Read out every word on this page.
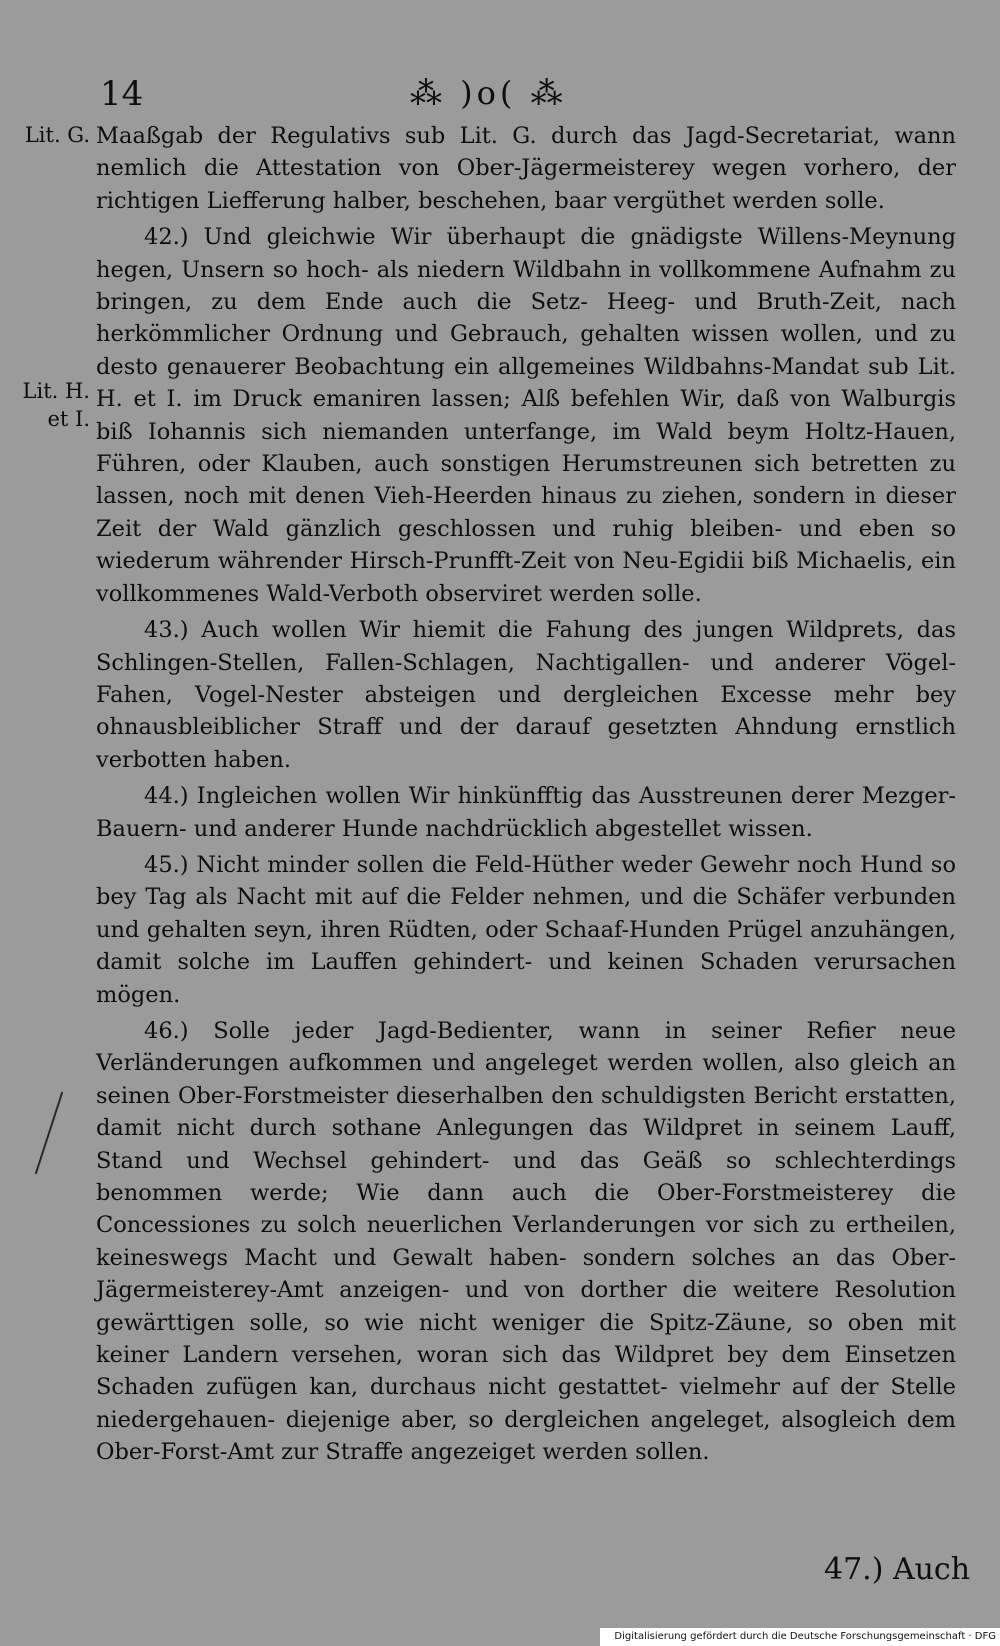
14	⁂ )o( ⁂
Lit. G.
Lit. H.
et I.

Maaßgab der Regulativs sub Lit. G. durch das Jagd-Secretariat, wann nemlich die Attestation von Ober-Jägermeisterey wegen vorhero, der richtigen Liefferung halber, beschehen, baar vergüthet werden solle.

42.) Und gleichwie Wir überhaupt die gnädigste Willens-Meynung hegen, Unsern so hoch- als niedern Wildbahn in vollkommene Aufnahm zu bringen, zu dem Ende auch die Setz- Heeg- und Bruth-Zeit, nach herkömmlicher Ordnung und Gebrauch, gehalten wissen wollen, und zu desto genauerer Beobachtung ein allgemeines Wildbahns-Mandat sub Lit. H. et I. im Druck emaniren lassen; Alß befehlen Wir, daß von Walburgis biß Iohannis sich niemanden unterfange, im Wald beym Holtz-Hauen, Führen, oder Klauben, auch sonstigen Herumstreunen sich betretten zu lassen, noch mit denen Vieh-Heerden hinaus zu ziehen, sondern in dieser Zeit der Wald gänzlich geschlossen und ruhig bleiben- und eben so wiederum währender Hirsch-Prunfft-Zeit von Neu-Egidii biß Michaelis, ein vollkommenes Wald-Verboth observiret werden solle.

43.) Auch wollen Wir hiemit die Fahung des jungen Wildprets, das Schlingen-Stellen, Fallen-Schlagen, Nachtigallen- und anderer Vögel-Fahen, Vogel-Nester absteigen und dergleichen Excesse mehr bey ohnausbleiblicher Straff und der darauf gesetzten Ahndung ernstlich verbotten haben.

44.) Ingleichen wollen Wir hinkünfftig das Ausstreunen derer Mezger- Bauern- und anderer Hunde nachdrücklich abgestellet wissen.

45.) Nicht minder sollen die Feld-Hüther weder Gewehr noch Hund so bey Tag als Nacht mit auf die Felder nehmen, und die Schäfer verbunden und gehalten seyn, ihren Rüdten, oder Schaaf-Hunden Prügel anzuhängen, damit solche im Lauffen gehindert- und keinen Schaden verursachen mögen.

46.) Solle jeder Jagd-Bedienter, wann in seiner Refier neue Verländerungen aufkommen und angeleget werden wollen, also gleich an seinen Ober-Forstmeister dieserhalben den schuldigsten Bericht erstatten, damit nicht durch sothane Anlegungen das Wildpret in seinem Lauff, Stand und Wechsel gehindert- und das Geäß so schlechterdings benommen werde; Wie dann auch die Ober-Forstmeisterey die Concessiones zu solch neuerlichen Verlanderungen vor sich zu ertheilen, keineswegs Macht und Gewalt haben- sondern solches an das Ober-Jägermeisterey-Amt anzeigen- und von dorther die weitere Resolution gewärttigen solle, so wie nicht weniger die Spitz-Zäune, so oben mit keiner Landern versehen, woran sich das Wildpret bey dem Einsetzen Schaden zufügen kan, durchaus nicht gestattet- vielmehr auf der Stelle niedergehauen- diejenige aber, so dergleichen angeleget, alsogleich dem Ober-Forst-Amt zur Straffe angezeiget werden sollen.

47.) Auch
Digitalisierung gefördert durch die Deutsche Forschungsgemeinschaft · DFG
